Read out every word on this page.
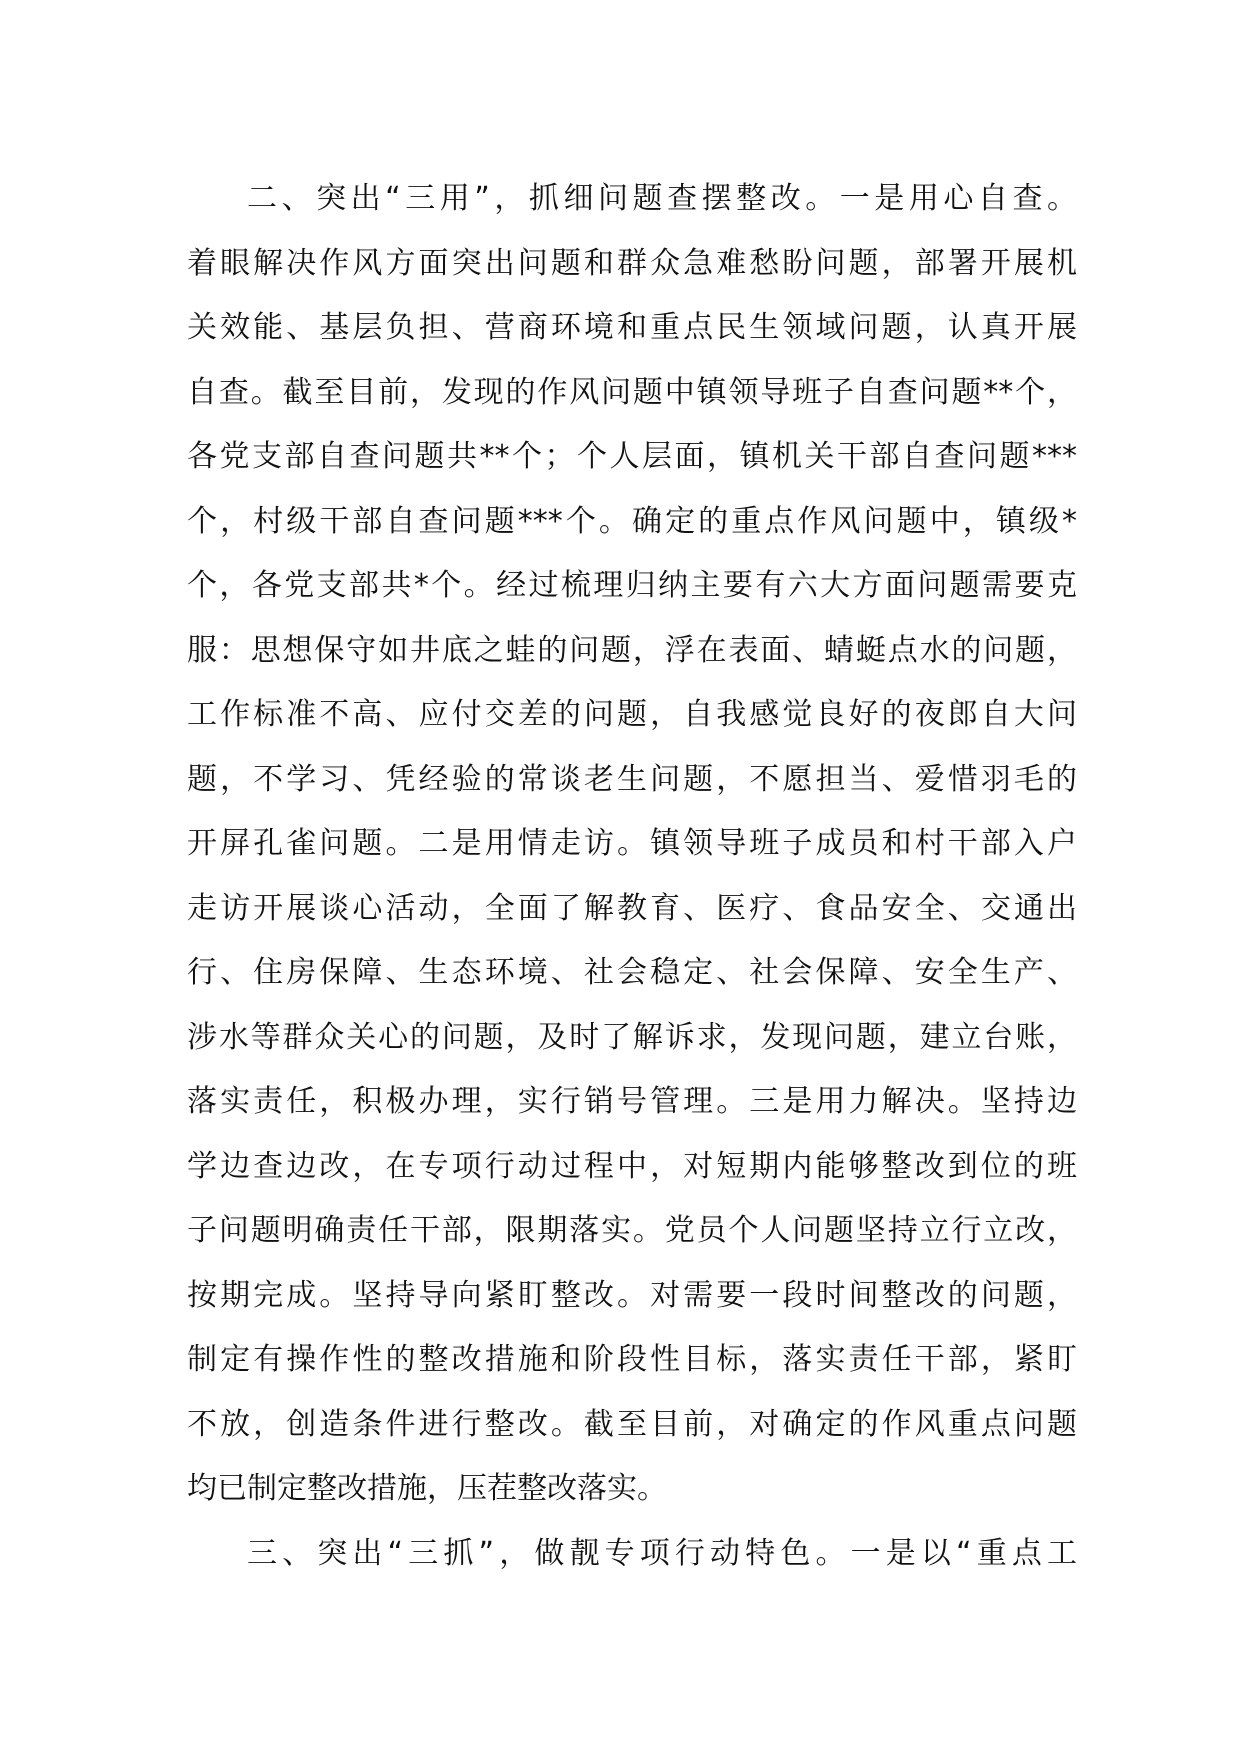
二、突出“三用”，抓细问题查摆整改。一是用心自查。
着眼解决作风方面突出问题和群众急难愁盼问题，部署开展机
关效能、基层负担、营商环境和重点民生领域问题，认真开展
自查。截至目前，发现的作风问题中镇领导班子自查问题**个，
各党支部自查问题共**个；个人层面，镇机关干部自查问题***
个，村级干部自查问题***个。确定的重点作风问题中，镇级*
个，各党支部共*个。经过梳理归纳主要有六大方面问题需要克
服：思想保守如井底之蛙的问题，浮在表面、蜻蜓点水的问题，
工作标准不高、应付交差的问题，自我感觉良好的夜郎自大问
题，不学习、凭经验的常谈老生问题，不愿担当、爱惜羽毛的
开屏孔雀问题。二是用情走访。镇领导班子成员和村干部入户
走访开展谈心活动，全面了解教育、医疗、食品安全、交通出
行、住房保障、生态环境、社会稳定、社会保障、安全生产、
涉水等群众关心的问题，及时了解诉求，发现问题，建立台账，
落实责任，积极办理，实行销号管理。三是用力解决。坚持边
学边查边改，在专项行动过程中，对短期内能够整改到位的班
子问题明确责任干部，限期落实。党员个人问题坚持立行立改，
按期完成。坚持导向紧盯整改。对需要一段时间整改的问题，
制定有操作性的整改措施和阶段性目标，落实责任干部，紧盯
不放，创造条件进行整改。截至目前，对确定的作风重点问题
均已制定整改措施，压茬整改落实。
三、突出“三抓”，做靓专项行动特色。一是以“重点工
